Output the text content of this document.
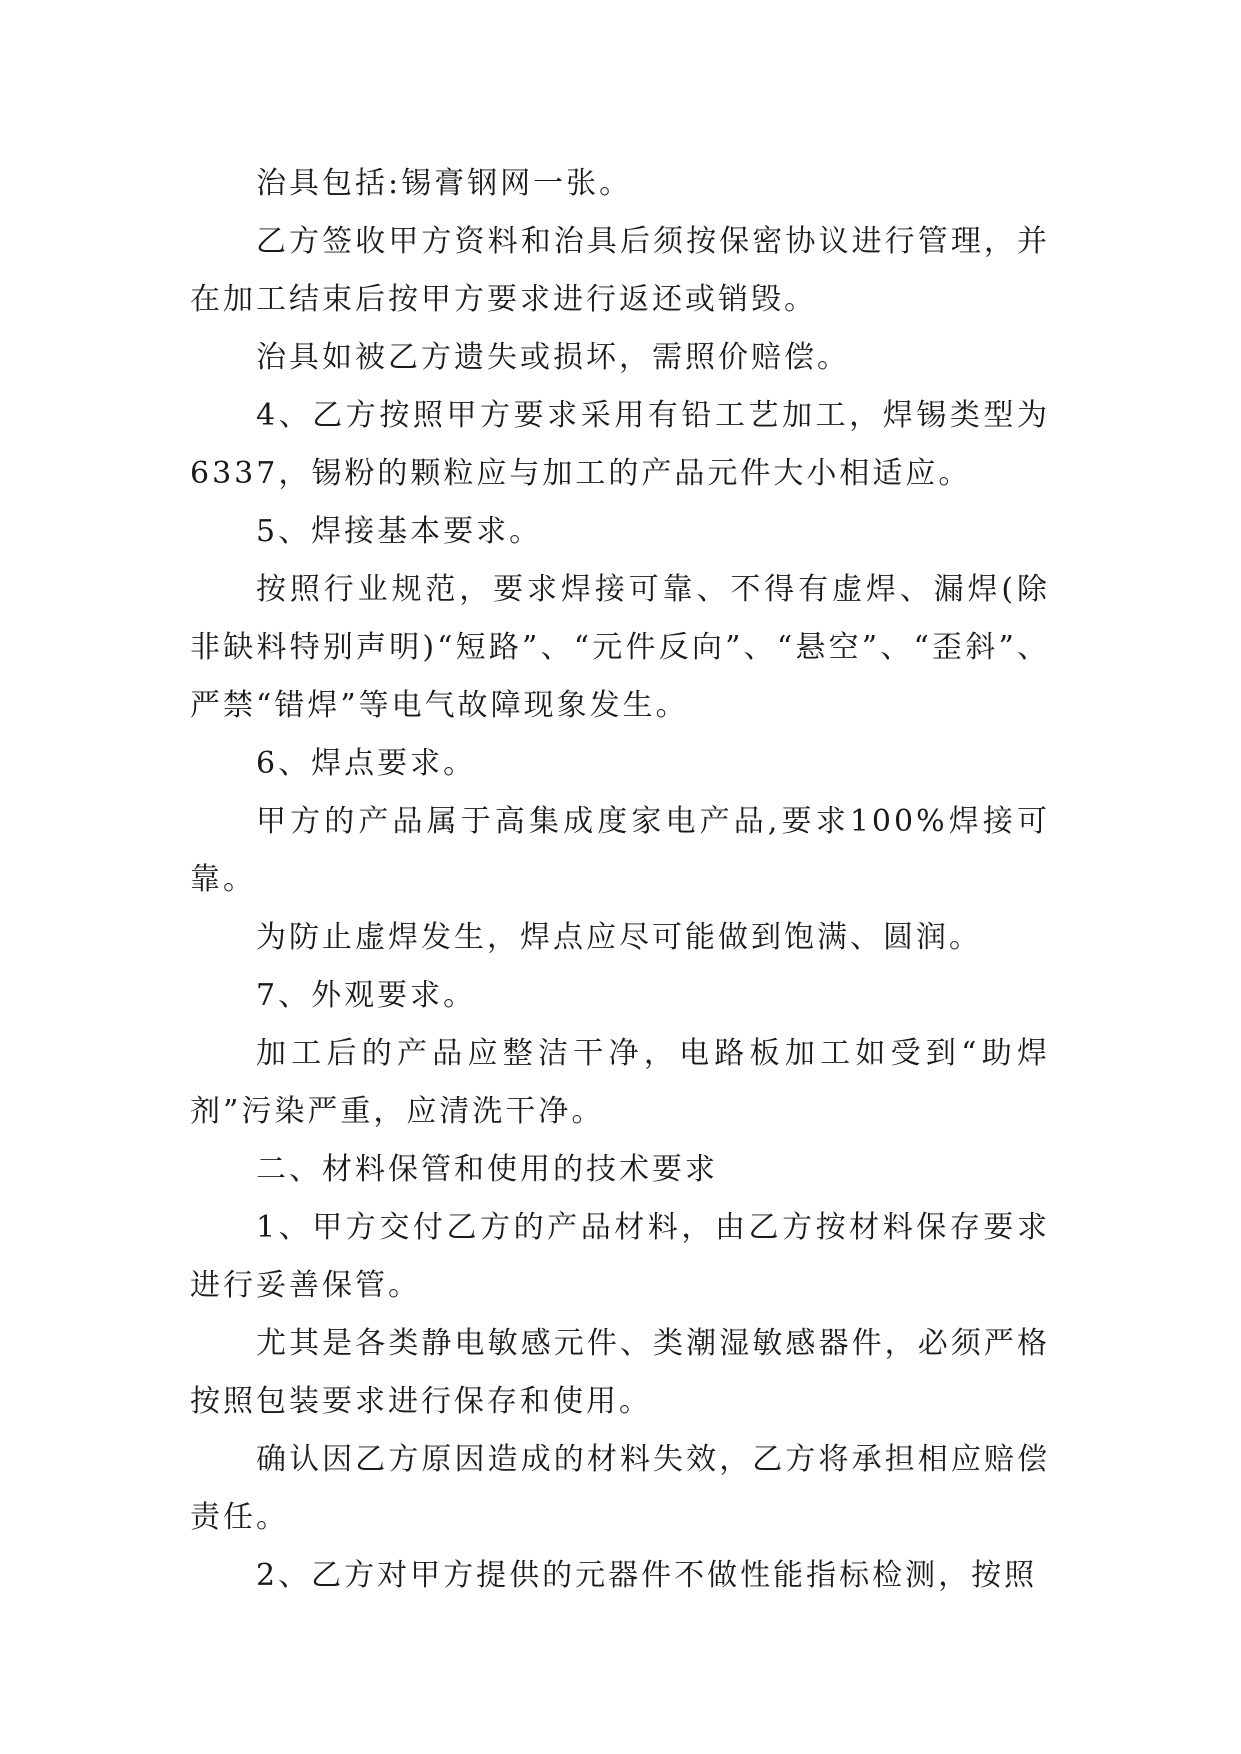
治具包括:锡膏钢网一张。

乙方签收甲方资料和治具后须按保密协议进行管理，并在加工结束后按甲方要求进行返还或销毁。

治具如被乙方遗失或损坏，需照价赔偿。

4、乙方按照甲方要求采用有铅工艺加工，焊锡类型为6337，锡粉的颗粒应与加工的产品元件大小相适应。

5、焊接基本要求。

按照行业规范，要求焊接可靠、不得有虚焊、漏焊(除非缺料特别声明)“短路”、“元件反向”、“悬空”、“歪斜”、严禁“错焊”等电气故障现象发生。

6、焊点要求。

甲方的产品属于高集成度家电产品,要求100%焊接可靠。

为防止虚焊发生，焊点应尽可能做到饱满、圆润。

7、外观要求。

加工后的产品应整洁干净，电路板加工如受到“助焊剂”污染严重，应清洗干净。

二、材料保管和使用的技术要求

1、甲方交付乙方的产品材料，由乙方按材料保存要求进行妥善保管。

尤其是各类静电敏感元件、类潮湿敏感器件，必须严格按照包装要求进行保存和使用。

确认因乙方原因造成的材料失效，乙方将承担相应赔偿责任。

2、乙方对甲方提供的元器件不做性能指标检测，按照
